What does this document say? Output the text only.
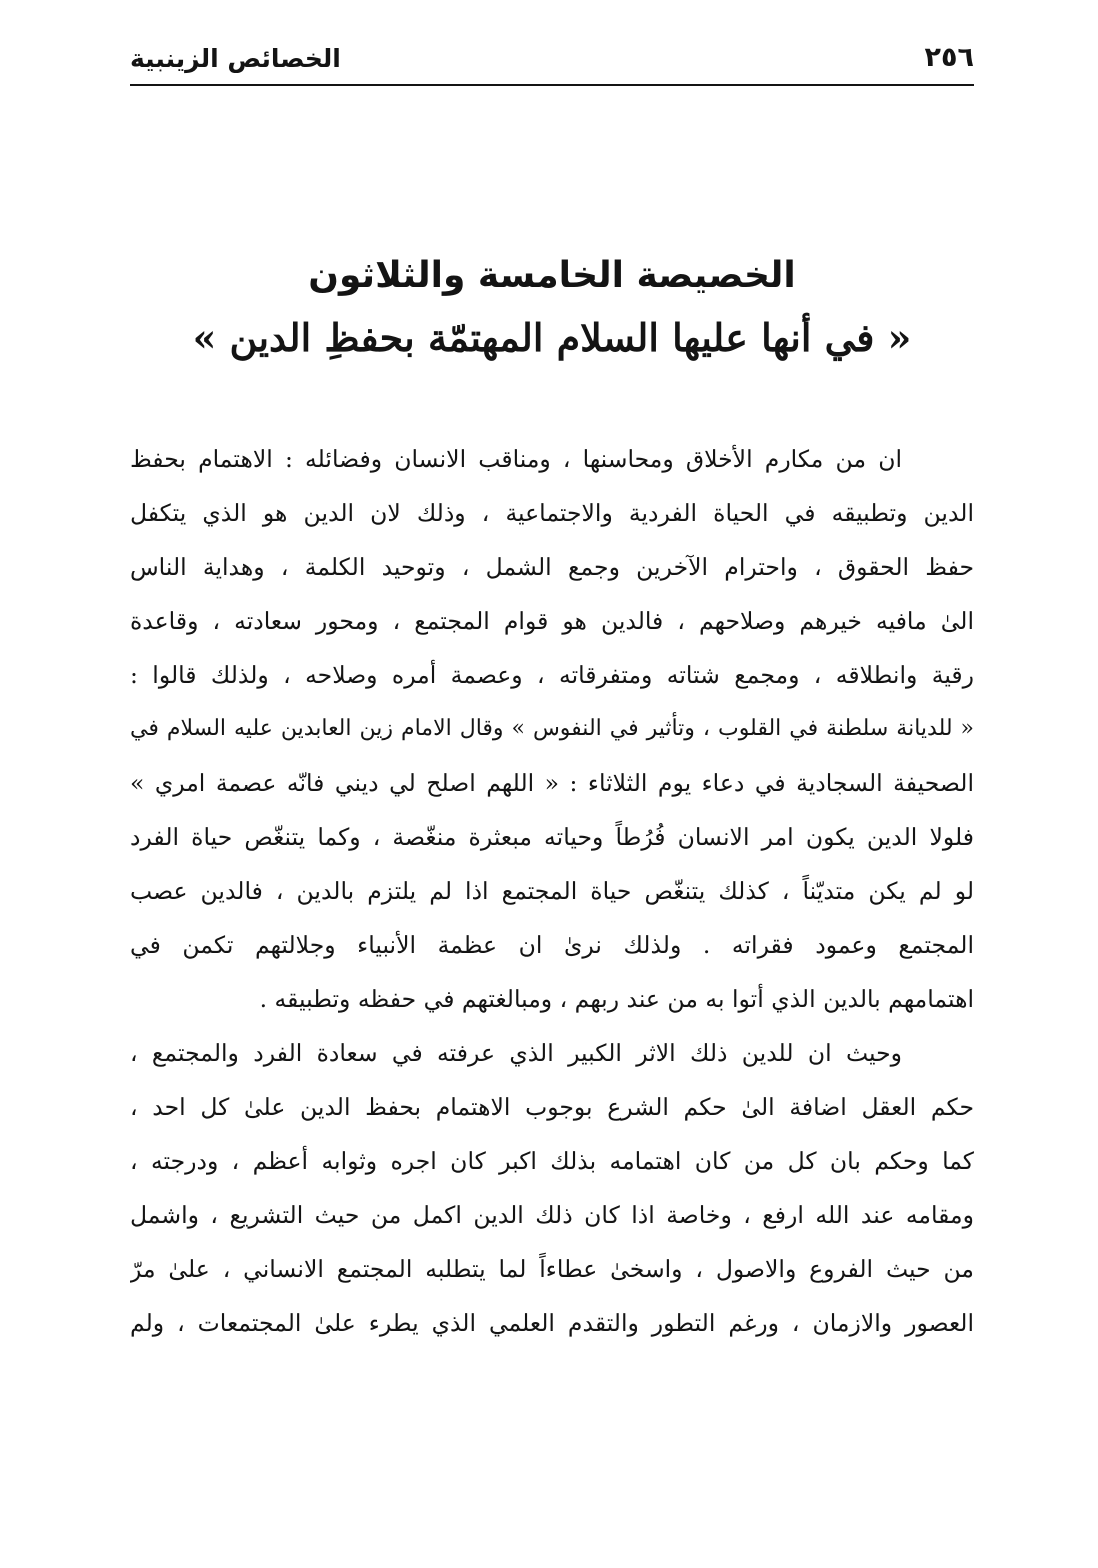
٢٥٦
الخصائص الزينبية
الخصيصة الخامسة والثلاثون
« في أنها عليها السلام المهتمّة بحفظِ الدين »
ان من مكارم الأخلاق ومحاسنها ، ومناقب الانسان وفضائله : الاهتمام بحفظ
الدين وتطبيقه في الحياة الفردية والاجتماعية ، وذلك لان الدين هو الذي يتكفل
حفظ الحقوق ، واحترام الآخرين وجمع الشمل ، وتوحيد الكلمة ، وهداية الناس
الیٰ مافیه خیرهم وصلاحهم ، فالدین هو قوام المجتمع ، ومحور سعادته ، وقاعدة
رقية وانطلاقه ، ومجمع شتاته ومتفرقاته ، وعصمة أمره وصلاحه ، ولذلك قالوا :
« للديانة سلطنة في القلوب ، وتأثير في النفوس » وقال الامام زين العابدين عليه السلام في
الصحيفة السجادية في دعاء يوم الثلاثاء : « اللهم اصلح لي ديني فانّه عصمة امري »
فلولا الدين يكون امر الانسان فُرُطاً وحياته مبعثرة منغّصة ، وكما يتنغّص حياة الفرد
لو لم يكن متديّناً ، كذلك يتنغّص حياة المجتمع اذا لم يلتزم بالدين ، فالدين عصب
المجتمع وعمود فقراته . ولذلك نرىٰ ان عظمة الأنبياء وجلالتهم تكمن في
اهتمامهم بالدين الذي أتوا به من عند ربهم ، ومبالغتهم في حفظه وتطبيقه .
وحيث ان للدين ذلك الاثر الكبير الذي عرفته في سعادة الفرد والمجتمع ،
حكم العقل اضافة الىٰ حكم الشرع بوجوب الاهتمام بحفظ الدين علىٰ كل احد ،
كما وحكم بان كل من كان اهتمامه بذلك اكبر كان اجره وثوابه أعظم ، ودرجته ،
ومقامه عند الله ارفع ، وخاصة اذا كان ذلك الدين اكمل من حيث التشريع ، واشمل
من حيث الفروع والاصول ، واسخىٰ عطاءاً لما يتطلبه المجتمع الانساني ، علىٰ مرّ
العصور والازمان ، ورغم التطور والتقدم العلمي الذي يطرء علىٰ المجتمعات ، ولم
